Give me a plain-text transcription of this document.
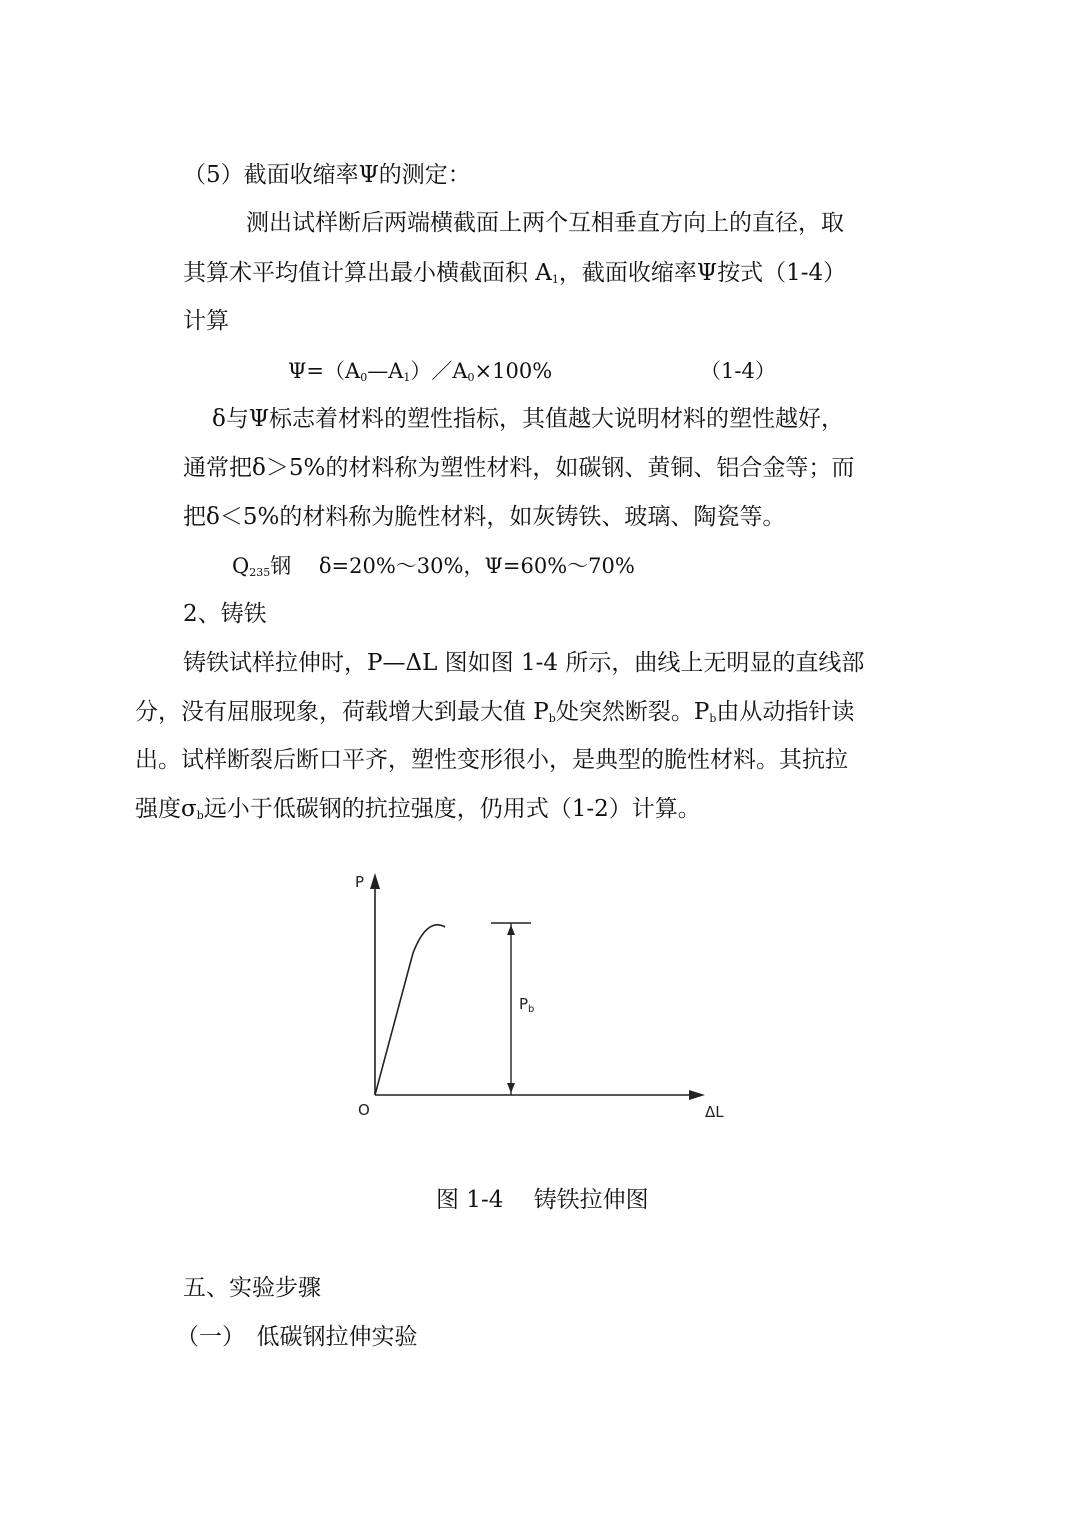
（5）截面收缩率Ψ的测定：
测出试样断后两端横截面上两个互相垂直方向上的直径，取
其算术平均值计算出最小横截面积 $A_1$，截面收缩率Ψ按式（1-4）
计算
$\Psi=(A_0—A_1)/A_0\times 100\%$	（1-4）
δ与Ψ标志着材料的塑性指标，其值越大说明材料的塑性越好，
通常把δ＞5%的材料称为塑性材料，如碳钢、黄铜、铝合金等；而
把δ＜5%的材料称为脆性材料，如灰铸铁、玻璃、陶瓷等。
$Q_{235}$钢　 δ=20%～30%，Ψ=60%～70%
2、铸铁
铸铁试样拉伸时，P—ΔL 图如图 1-4 所示，曲线上无明显的直线部
分，没有屈服现象，荷载增大到最大值 $P_b$处突然断裂。$P_b$由从动指针读
出。试样断裂后断口平齐，塑性变形很小，是典型的脆性材料。其抗拉
强度$\sigma_b$远小于低碳钢的抗拉强度，仍用式（1-2）计算。
P
ΔL
O
$P_b$
图 1-4　 铸铁拉伸图
五、实验步骤
（一）　低碳钢拉伸实验
